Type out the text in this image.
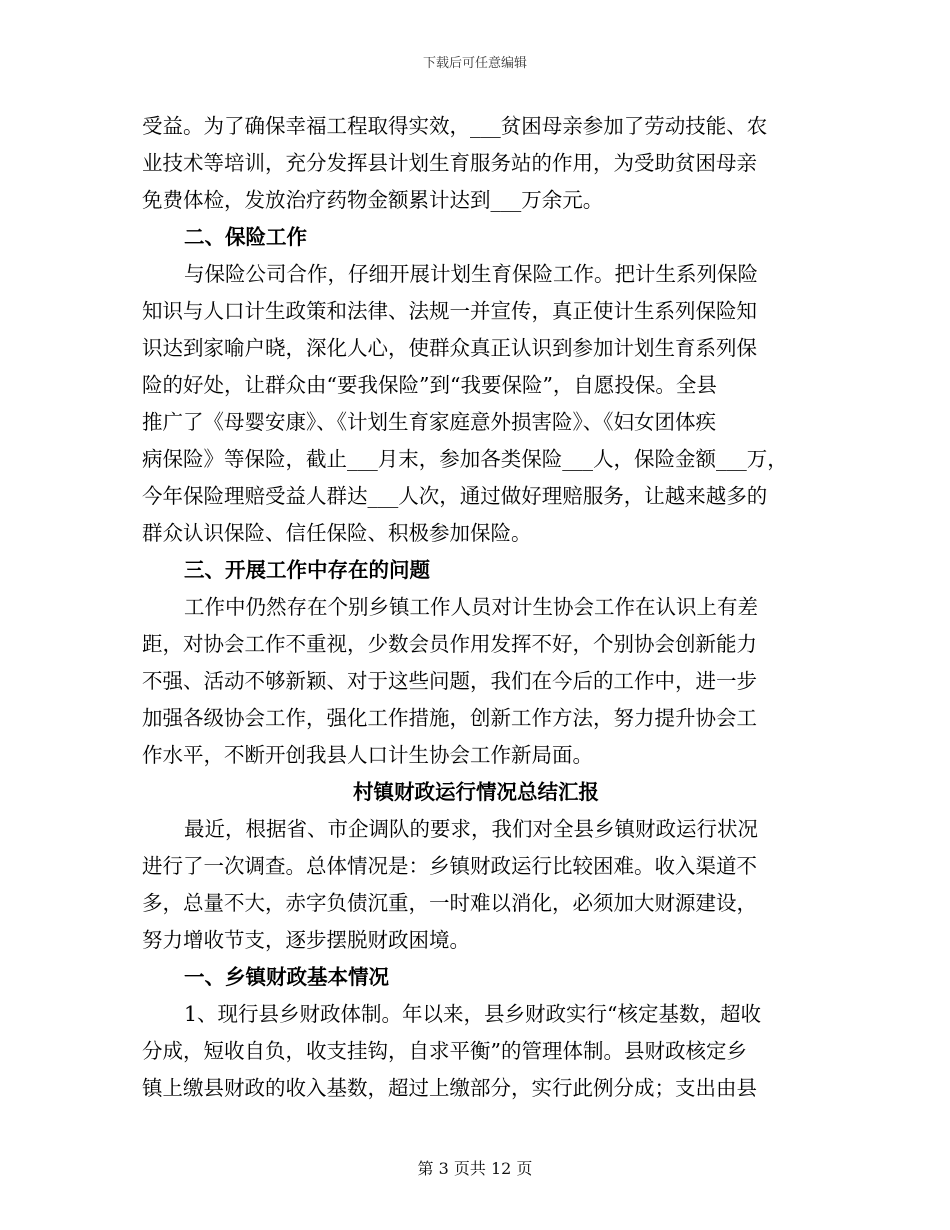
下载后可任意编辑
受益。为了确保幸福工程取得实效，___贫困母亲参加了劳动技能、农
业技术等培训，充分发挥县计划生育服务站的作用，为受助贫困母亲
免费体检，发放治疗药物金额累计达到___万余元。
二、保险工作
与保险公司合作，仔细开展计划生育保险工作。把计生系列保险
知识与人口计生政策和法律、法规一并宣传，真正使计生系列保险知
识达到家喻户晓，深化人心，使群众真正认识到参加计划生育系列保
险的好处，让群众由“要我保险”到“我要保险”，自愿投保。全县
推广了《母婴安康》、《计划生育家庭意外损害险》、《妇女团体疾
病保险》等保险，截止___月末，参加各类保险___人，保险金额___万，
今年保险理赔受益人群达___人次，通过做好理赔服务，让越来越多的
群众认识保险、信任保险、积极参加保险。
三、开展工作中存在的问题
工作中仍然存在个别乡镇工作人员对计生协会工作在认识上有差
距，对协会工作不重视，少数会员作用发挥不好，个别协会创新能力
不强、活动不够新颖、对于这些问题，我们在今后的工作中，进一步
加强各级协会工作，强化工作措施，创新工作方法，努力提升协会工
作水平，不断开创我县人口计生协会工作新局面。
村镇财政运行情况总结汇报
最近，根据省、市企调队的要求，我们对全县乡镇财政运行状况
进行了一次调查。总体情况是：乡镇财政运行比较困难。收入渠道不
多，总量不大，赤字负债沉重，一时难以消化，必须加大财源建设，
努力增收节支，逐步摆脱财政困境。
一、乡镇财政基本情况
1、现行县乡财政体制。年以来，县乡财政实行“核定基数，超收
分成，短收自负，收支挂钩，自求平衡”的管理体制。县财政核定乡
镇上缴县财政的收入基数，超过上缴部分，实行此例分成；支出由县
第 3 页共 12 页
